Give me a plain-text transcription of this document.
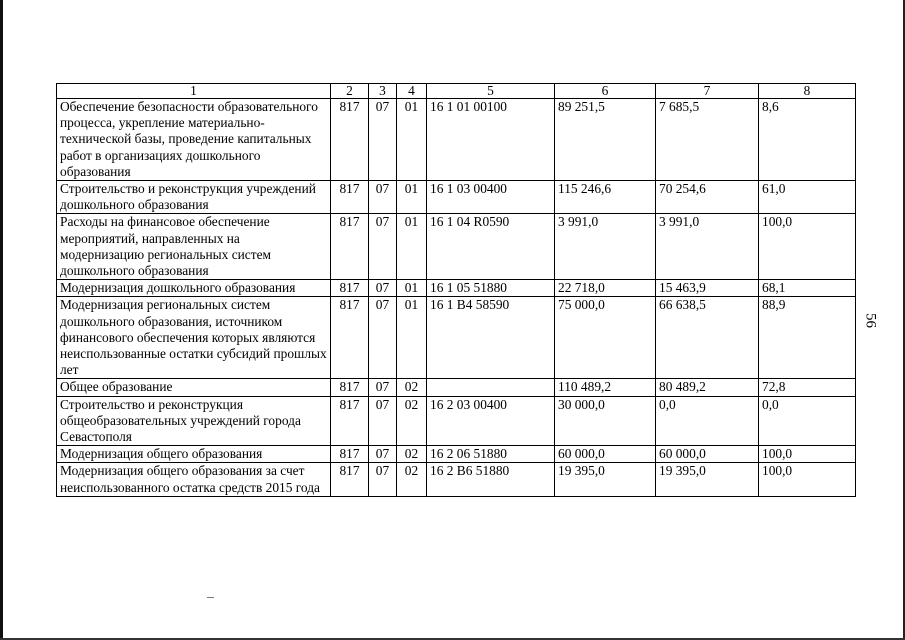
56
1	2	3	4	5	6	7	8
Обеспечение безопасности образовательного процесса, укрепление материально-технической базы, проведение капитальных работ в организациях дошкольного образования	817	07	01	16 1 01 00100	89 251,5	7 685,5	8,6
Строительство и реконструкция учреждений дошкольного образования	817	07	01	16 1 03 00400	115 246,6	70 254,6	61,0
Расходы на финансовое обеспечение мероприятий, направленных на модернизацию региональных систем дошкольного образования	817	07	01	16 1 04 R0590	3 991,0	3 991,0	100,0
Модернизация дошкольного образования	817	07	01	16 1 05 51880	22 718,0	15 463,9	68,1
Модернизация региональных систем дошкольного образования, источником финансового обеспечения которых являются неиспользованные остатки субсидий прошлых лет	817	07	01	16 1 В4 58590	75 000,0	66 638,5	88,9
Общее образование	817	07	02		110 489,2	80 489,2	72,8
Строительство и реконструкция общеобразовательных учреждений города Севастополя	817	07	02	16 2 03 00400	30 000,0	0,0	0,0
Модернизация общего образования	817	07	02	16 2 06 51880	60 000,0	60 000,0	100,0
Модернизация общего образования за счет неиспользованного остатка средств 2015 года	817	07	02	16 2 В6 51880	19 395,0	19 395,0	100,0
